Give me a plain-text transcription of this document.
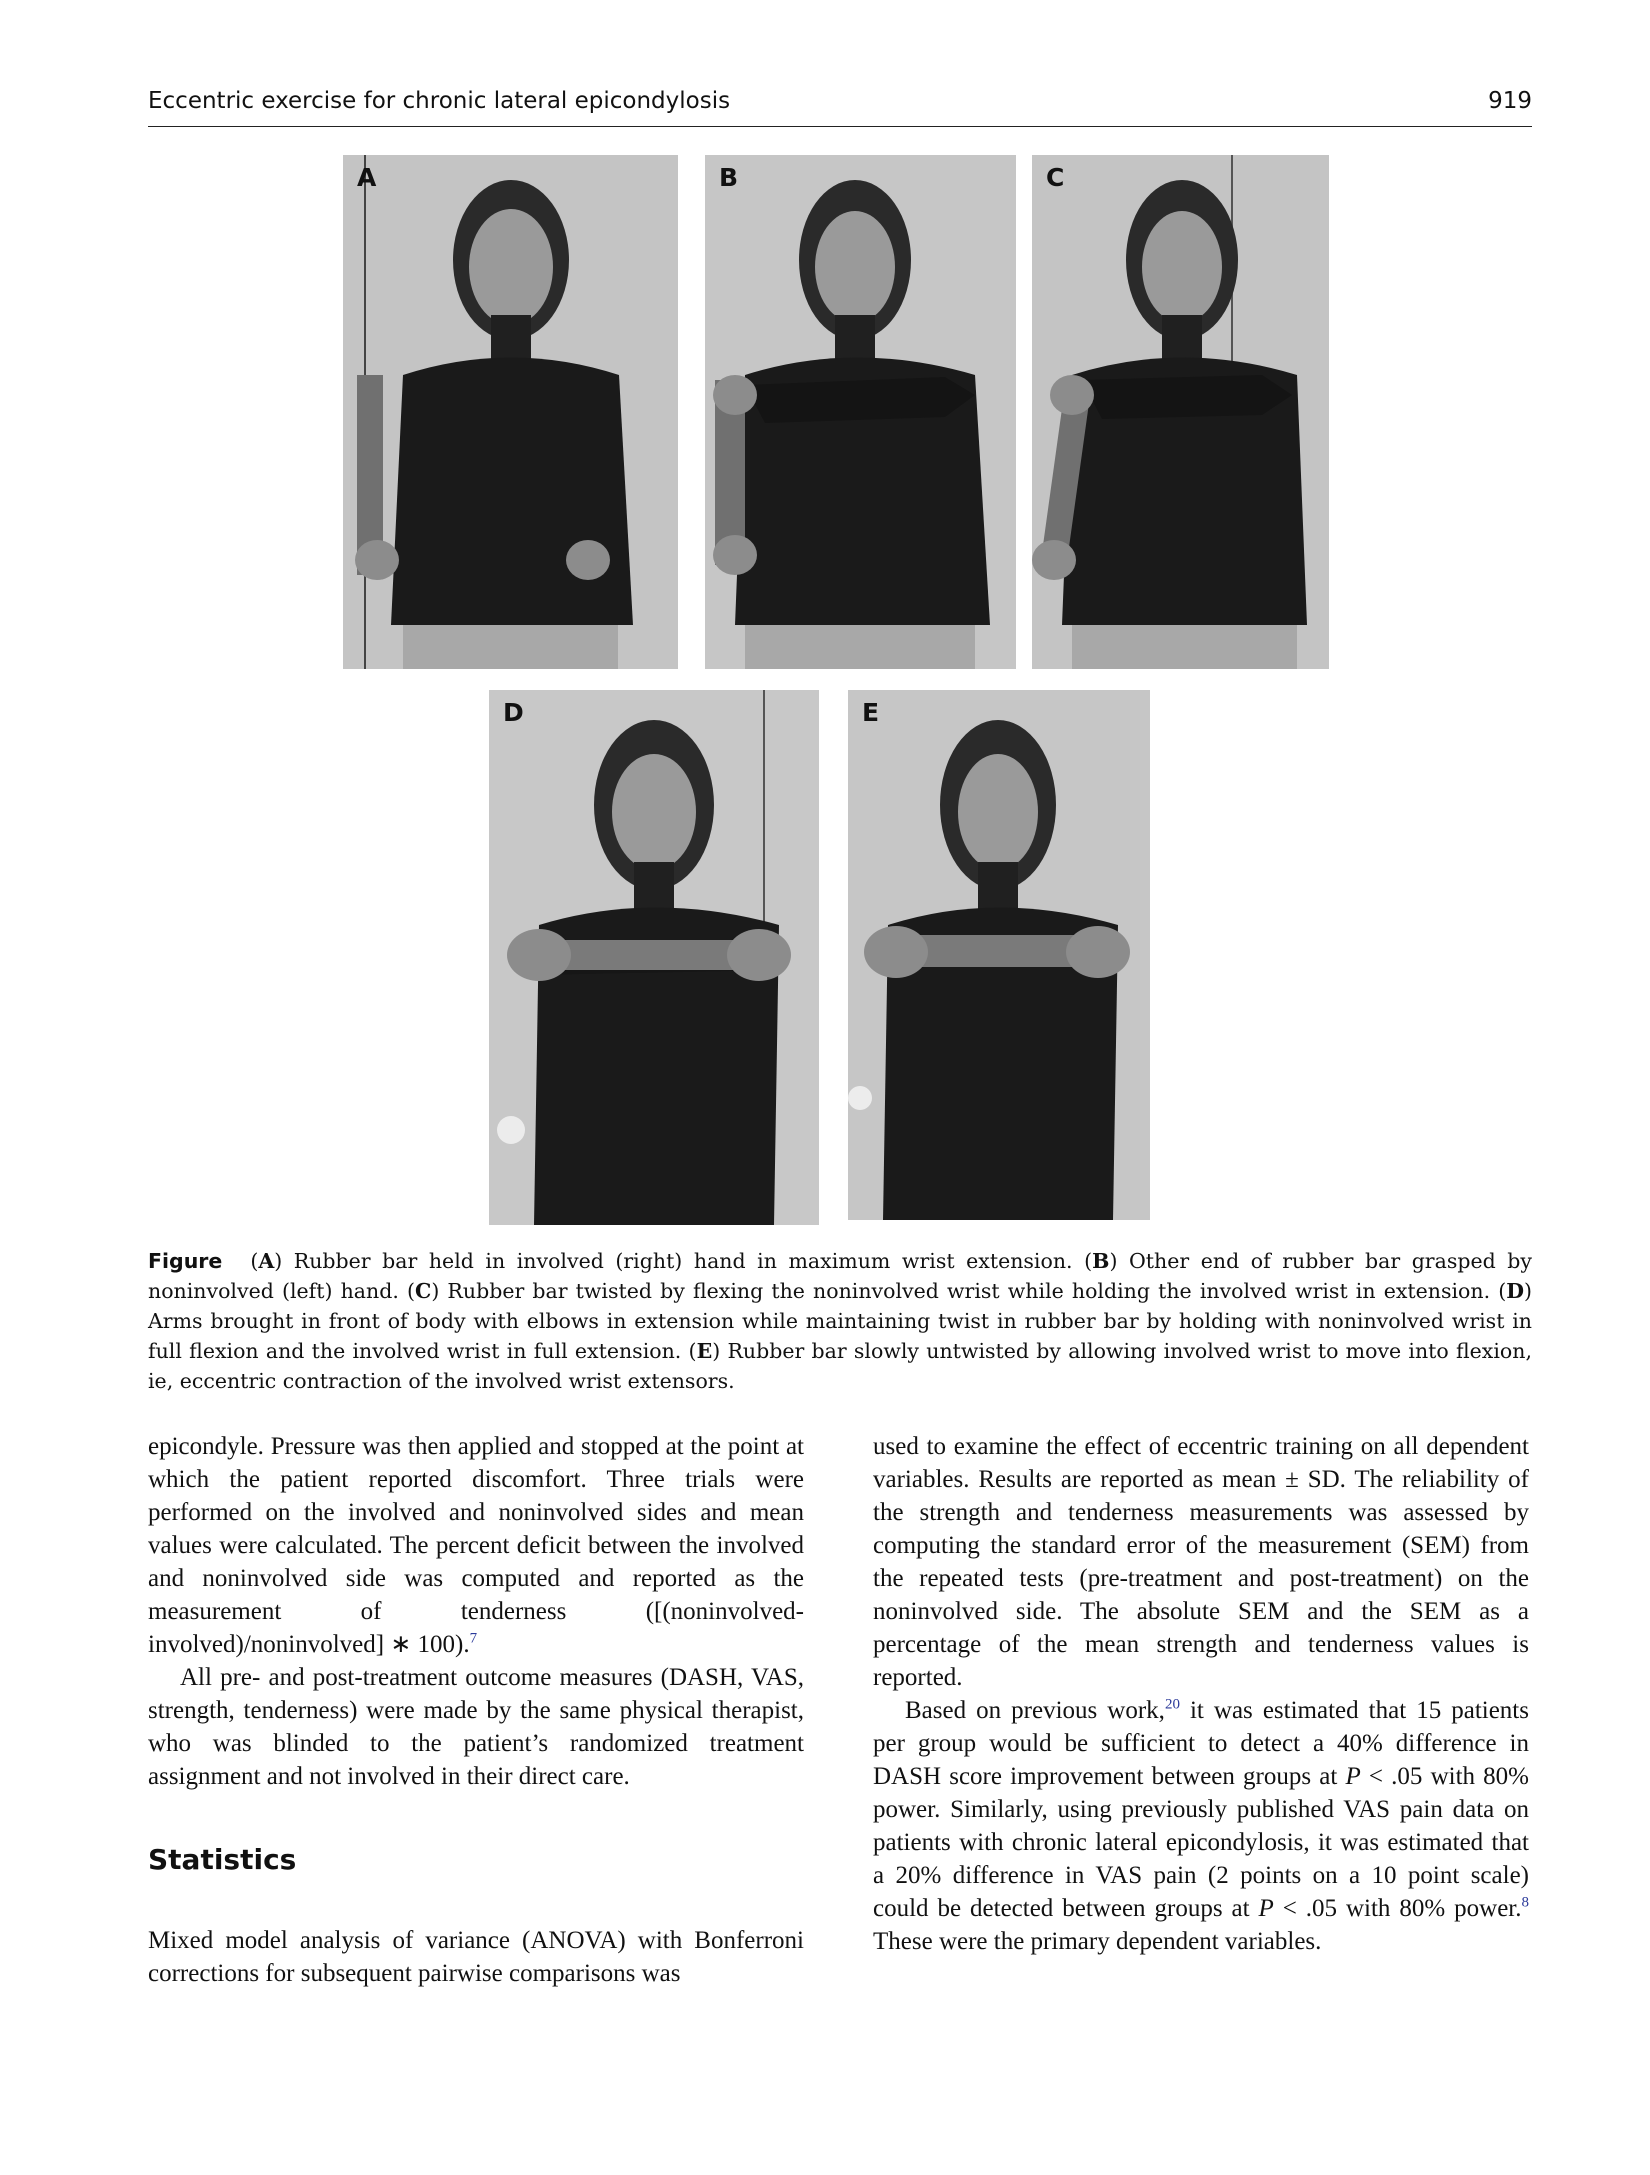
Eccentric exercise for chronic lateral epicondylosis	919
A	B	C
D	E
Figure (A) Rubber bar held in involved (right) hand in maximum wrist extension. (B) Other end of rubber bar grasped by noninvolved (left) hand. (C) Rubber bar twisted by flexing the noninvolved wrist while holding the involved wrist in extension. (D) Arms brought in front of body with elbows in extension while maintaining twist in rubber bar by holding with noninvolved wrist in full flexion and the involved wrist in full extension. (E) Rubber bar slowly untwisted by allowing involved wrist to move into flexion, ie, eccentric contraction of the involved wrist extensors.

epicondyle. Pressure was then applied and stopped at the point at which the patient reported discomfort. Three trials were performed on the involved and noninvolved sides and mean values were calculated. The percent deficit between the involved and noninvolved side was computed and reported as the measurement of tenderness ([(noninvolved-involved)/noninvolved] ∗ 100).$^7$

All pre- and post-treatment outcome measures (DASH, VAS, strength, tenderness) were made by the same physical therapist, who was blinded to the patient’s randomized treatment assignment and not involved in their direct care.

Statistics

Mixed model analysis of variance (ANOVA) with Bonferroni corrections for subsequent pairwise comparisons was

used to examine the effect of eccentric training on all dependent variables. Results are reported as mean ± SD. The reliability of the strength and tenderness measurements was assessed by computing the standard error of the measurement (SEM) from the repeated tests (pre-treatment and post-treatment) on the noninvolved side. The absolute SEM and the SEM as a percentage of the mean strength and tenderness values is reported.

Based on previous work,$^{20}$ it was estimated that 15 patients per group would be sufficient to detect a 40% difference in DASH score improvement between groups at P < .05 with 80% power. Similarly, using previously published VAS pain data on patients with chronic lateral epicondylosis, it was estimated that a 20% difference in VAS pain (2 points on a 10 point scale) could be detected between groups at P < .05 with 80% power.$^8$ These were the primary dependent variables.
